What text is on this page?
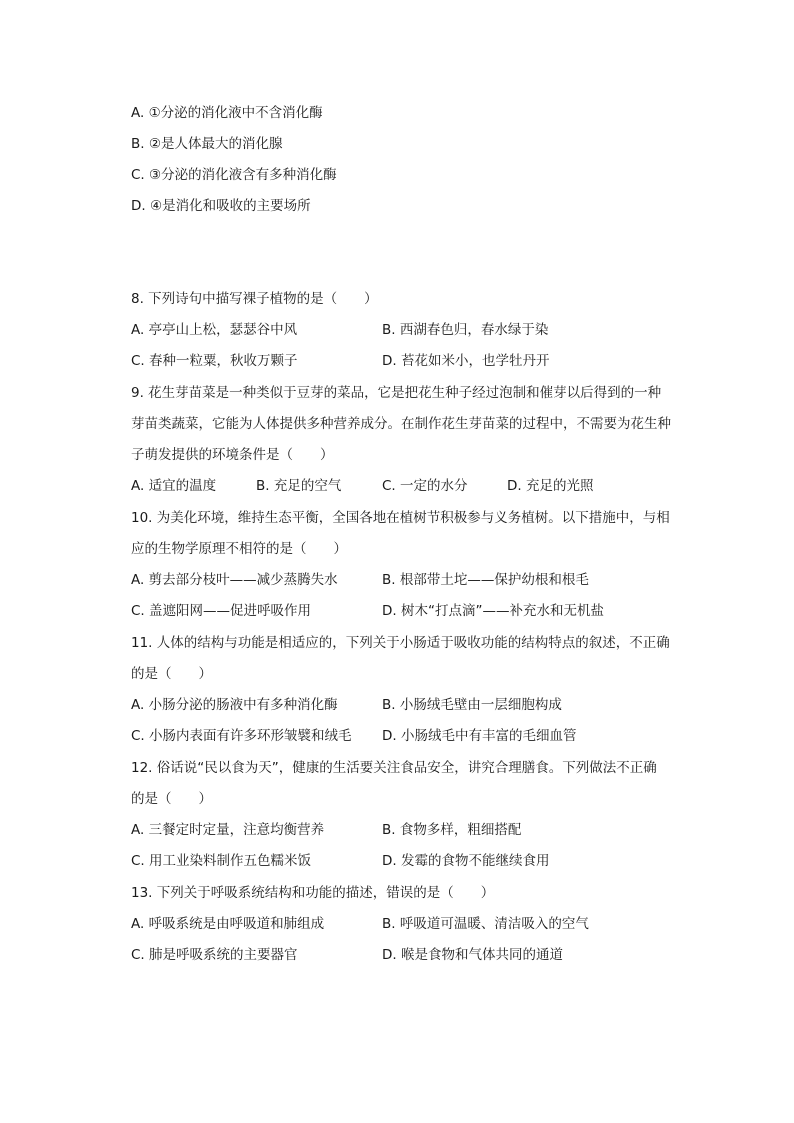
A. ①分泌的消化液中不含消化酶
B. ②是人体最大的消化腺
C. ③分泌的消化液含有多种消化酶
D. ④是消化和吸收的主要场所
8. 下列诗句中描写裸子植物的是（　　）
A. 亭亭山上松，瑟瑟谷中风	B. 西湖春色归，春水绿于染
C. 春种一粒粟，秋收万颗子	D. 苔花如米小，也学牡丹开
9. 花生芽苗菜是一种类似于豆芽的菜品，它是把花生种子经过泡制和催芽以后得到的一种
芽苗类蔬菜，它能为人体提供多种营养成分。在制作花生芽苗菜的过程中，不需要为花生种
子萌发提供的环境条件是（　　）
A. 适宜的温度	B. 充足的空气	C. 一定的水分	D. 充足的光照
10. 为美化环境，维持生态平衡，全国各地在植树节积极参与义务植树。以下措施中，与相
应的生物学原理不相符的是（　　）
A. 剪去部分枝叶——减少蒸腾失水	B. 根部带土坨——保护幼根和根毛
C. 盖遮阳网——促进呼吸作用	D. 树木“打点滴”——补充水和无机盐
11. 人体的结构与功能是相适应的，下列关于小肠适于吸收功能的结构特点的叙述，不正确
的是（　　）
A. 小肠分泌的肠液中有多种消化酶	B. 小肠绒毛壁由一层细胞构成
C. 小肠内表面有许多环形皱襞和绒毛 D. 小肠绒毛中有丰富的毛细血管
12. 俗话说“民以食为天”，健康的生活要关注食品安全，讲究合理膳食。下列做法不正确
的是（　　）
A. 三餐定时定量，注意均衡营养	B. 食物多样，粗细搭配
C. 用工业染料制作五色糯米饭	D. 发霉的食物不能继续食用
13. 下列关于呼吸系统结构和功能的描述，错误的是（　　）
A. 呼吸系统是由呼吸道和肺组成	B. 呼吸道可温暖、清洁吸入的空气
C. 肺是呼吸系统的主要器官	D. 喉是食物和气体共同的通道
